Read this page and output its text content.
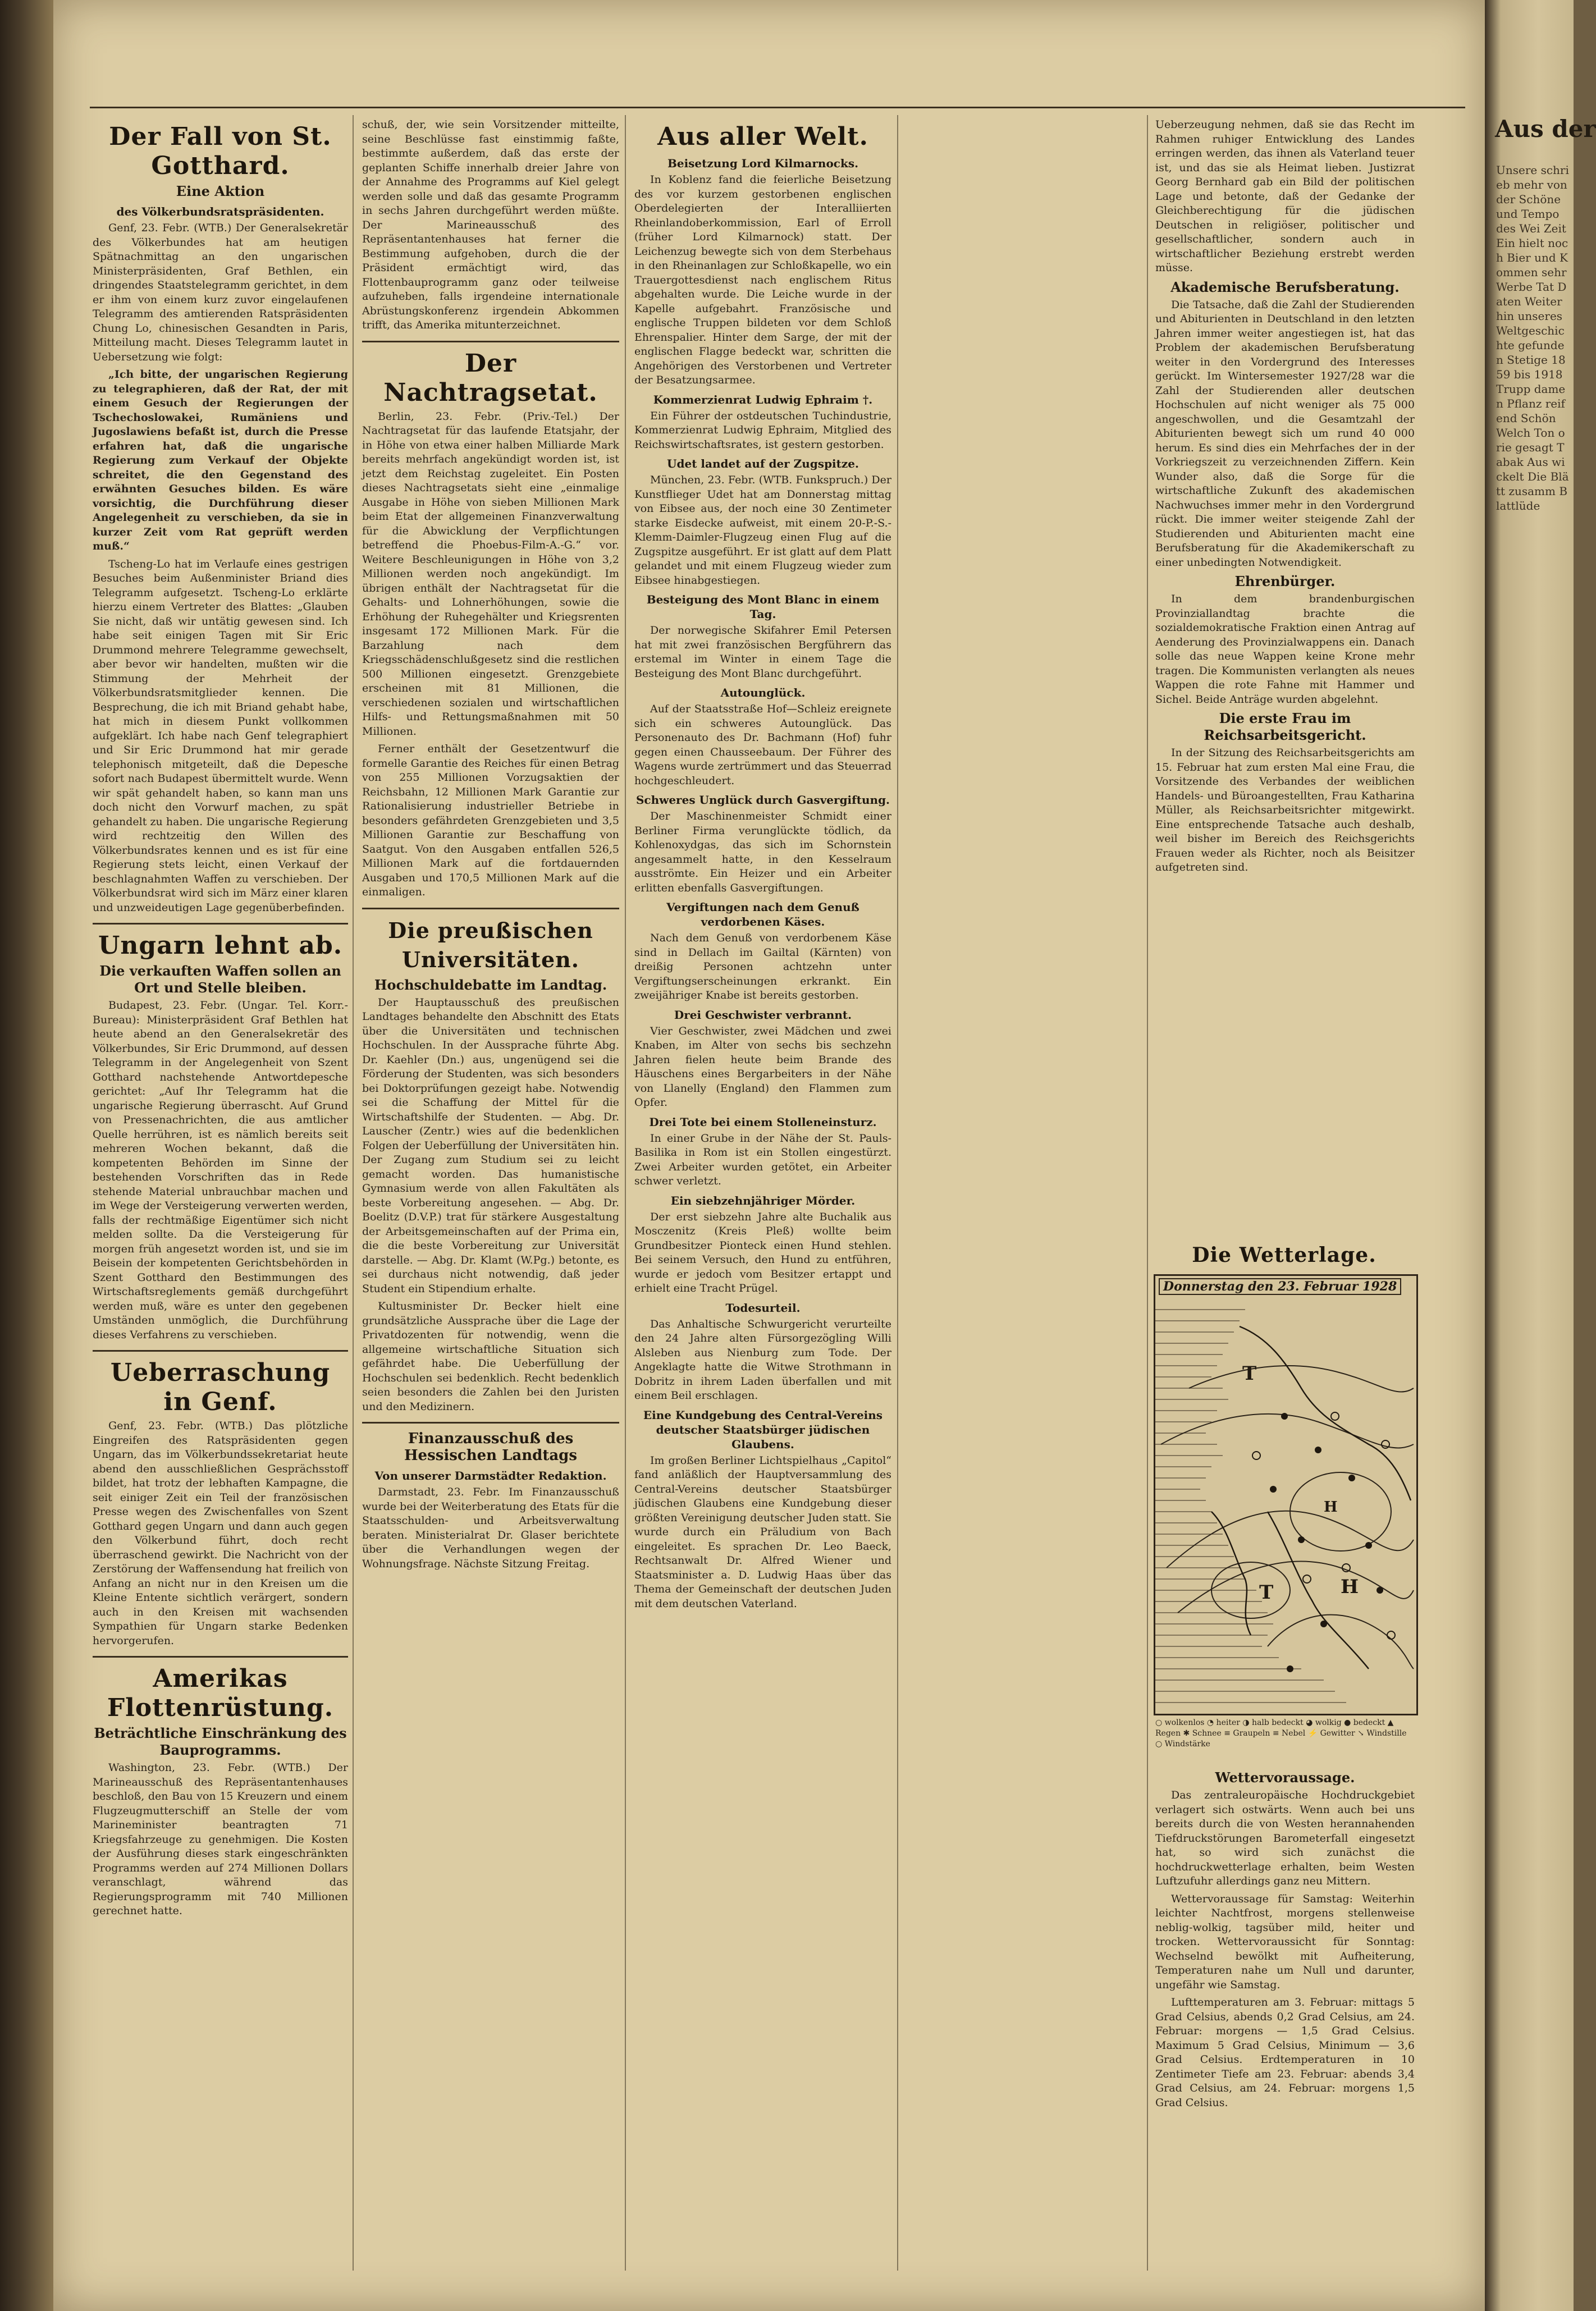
Der Fall von St. Gotthard.
Eine Aktion
des Völkerbundsratspräsidenten.

Genf, 23. Febr. (WTB.) Der Generalsekretär des Völkerbundes hat am heutigen Spätnachmittag an den ungarischen Ministerpräsidenten, Graf Bethlen, ein dringendes Staatstelegramm gerichtet, in dem er ihm von einem kurz zuvor eingelaufenen Telegramm des amtierenden Ratspräsidenten Chung Lo, chinesischen Gesandten in Paris, Mitteilung macht. Dieses Telegramm lautet in Uebersetzung wie folgt:

„Ich bitte, der ungarischen Regierung zu telegraphieren, daß der Rat, der mit einem Gesuch der Regierungen der Tschechoslowakei, Rumäniens und Jugoslawiens befaßt ist, durch die Presse erfahren hat, daß die ungarische Regierung zum Verkauf der Objekte schreitet, die den Gegenstand des erwähnten Gesuches bilden. Es wäre vorsichtig, die Durchführung dieser Angelegenheit zu verschieben, da sie in kurzer Zeit vom Rat geprüft werden muß.“

Tscheng-Lo hat im Verlaufe eines gestrigen Besuches beim Außenminister Briand dies Telegramm aufgesetzt. Tscheng-Lo erklärte hierzu einem Vertreter des Blattes: „Glauben Sie nicht, daß wir untätig gewesen sind. Ich habe seit einigen Tagen mit Sir Eric Drummond mehrere Telegramme gewechselt, aber bevor wir handelten, mußten wir die Stimmung der Mehrheit der Völkerbundsratsmitglieder kennen. Die Besprechung, die ich mit Briand gehabt habe, hat mich in diesem Punkt vollkommen aufgeklärt. Ich habe nach Genf telegraphiert und Sir Eric Drummond hat mir gerade telephonisch mitgeteilt, daß die Depesche sofort nach Budapest übermittelt wurde. Wenn wir spät gehandelt haben, so kann man uns doch nicht den Vorwurf machen, zu spät gehandelt zu haben. Die ungarische Regierung wird rechtzeitig den Willen des Völkerbundsrates kennen und es ist für eine Regierung stets leicht, einen Verkauf der beschlagnahmten Waffen zu verschieben. Der Völkerbundsrat wird sich im März einer klaren und unzweideutigen Lage gegenüberbefinden.

Ungarn lehnt ab.
Die verkauften Waffen sollen an Ort und Stelle bleiben.

Budapest, 23. Febr. (Ungar. Tel. Korr.-Bureau): Ministerpräsident Graf Bethlen hat heute abend an den Generalsekretär des Völkerbundes, Sir Eric Drummond, auf dessen Telegramm in der Angelegenheit von Szent Gotthard nachstehende Antwortdepesche gerichtet: „Auf Ihr Telegramm hat die ungarische Regierung überrascht. Auf Grund von Pressenachrichten, die aus amtlicher Quelle herrühren, ist es nämlich bereits seit mehreren Wochen bekannt, daß die kompetenten Behörden im Sinne der bestehenden Vorschriften das in Rede stehende Material unbrauchbar machen und im Wege der Versteigerung verwerten werden, falls der rechtmäßige Eigentümer sich nicht melden sollte. Da die Versteigerung für morgen früh angesetzt worden ist, und sie im Beisein der kompetenten Gerichtsbehörden in Szent Gotthard den Bestimmungen des Wirtschaftsreglements gemäß durchgeführt werden muß, wäre es unter den gegebenen Umständen unmöglich, die Durchführung dieses Verfahrens zu verschieben.

Ueberraschung in Genf.

Genf, 23. Febr. (WTB.) Das plötzliche Eingreifen des Ratspräsidenten gegen Ungarn, das im Völkerbundssekretariat heute abend den ausschließlichen Gesprächsstoff bildet, hat trotz der lebhaften Kampagne, die seit einiger Zeit ein Teil der französischen Presse wegen des Zwischenfalles von Szent Gotthard gegen Ungarn und dann auch gegen den Völkerbund führt, doch recht überraschend gewirkt. Die Nachricht von der Zerstörung der Waffensendung hat freilich von Anfang an nicht nur in den Kreisen um die Kleine Entente sichtlich verärgert, sondern auch in den Kreisen mit wachsenden Sympathien für Ungarn starke Bedenken hervorgerufen.

Amerikas Flottenrüstung.
Beträchtliche Einschränkung des Bauprogramms.

Washington, 23. Febr. (WTB.) Der Marineausschuß des Repräsentantenhauses beschloß, den Bau von 15 Kreuzern und einem Flugzeugmutterschiff an Stelle der vom Marineminister beantragten 71 Kriegsfahrzeuge zu genehmigen. Die Kosten der Ausführung dieses stark eingeschränkten Programms werden auf 274 Millionen Dollars veranschlagt, während das Regierungsprogramm mit 740 Millionen gerechnet hatte.

schuß, der, wie sein Vorsitzender mitteilte, seine Beschlüsse fast einstimmig faßte, bestimmte außerdem, daß das erste der geplanten Schiffe innerhalb dreier Jahre von der Annahme des Programms auf Kiel gelegt werden solle und daß das gesamte Programm in sechs Jahren durchgeführt werden müßte. Der Marineausschuß des Repräsentantenhauses hat ferner die Bestimmung aufgehoben, durch die der Präsident ermächtigt wird, das Flottenbauprogramm ganz oder teilweise aufzuheben, falls irgendeine internationale Abrüstungskonferenz irgendein Abkommen trifft, das Amerika mitunterzeichnet.

Der Nachtragsetat.

Berlin, 23. Febr. (Priv.-Tel.) Der Nachtragsetat für das laufende Etatsjahr, der in Höhe von etwa einer halben Milliarde Mark bereits mehrfach angekündigt worden ist, ist jetzt dem Reichstag zugeleitet. Ein Posten dieses Nachtragsetats sieht eine „einmalige Ausgabe in Höhe von sieben Millionen Mark beim Etat der allgemeinen Finanzverwaltung für die Abwicklung der Verpflichtungen betreffend die Phoebus-Film-A.-G.“ vor. Weitere Beschleunigungen in Höhe von 3,2 Millionen werden noch angekündigt. Im übrigen enthält der Nachtragsetat für die Gehalts- und Lohnerhöhungen, sowie die Erhöhung der Ruhegehälter und Kriegsrenten insgesamt 172 Millionen Mark. Für die Barzahlung nach dem Kriegsschädenschlußgesetz sind die restlichen 500 Millionen eingesetzt. Grenzgebiete erscheinen mit 81 Millionen, die verschiedenen sozialen und wirtschaftlichen Hilfs- und Rettungsmaßnahmen mit 50 Millionen.

Ferner enthält der Gesetzentwurf die formelle Garantie des Reiches für einen Betrag von 255 Millionen Vorzugsaktien der Reichsbahn, 12 Millionen Mark Garantie zur Rationalisierung industrieller Betriebe in besonders gefährdeten Grenzgebieten und 3,5 Millionen Garantie zur Beschaffung von Saatgut. Von den Ausgaben entfallen 526,5 Millionen Mark auf die fortdauernden Ausgaben und 170,5 Millionen Mark auf die einmaligen.

Die preußischen Universitäten.
Hochschuldebatte im Landtag.

Der Hauptausschuß des preußischen Landtages behandelte den Abschnitt des Etats über die Universitäten und technischen Hochschulen. In der Aussprache führte Abg. Dr. Kaehler (Dn.) aus, ungenügend sei die Förderung der Studenten, was sich besonders bei Doktorprüfungen gezeigt habe. Notwendig sei die Schaffung der Mittel für die Wirtschaftshilfe der Studenten. — Abg. Dr. Lauscher (Zentr.) wies auf die bedenklichen Folgen der Ueberfüllung der Universitäten hin. Der Zugang zum Studium sei zu leicht gemacht worden. Das humanistische Gymnasium werde von allen Fakultäten als beste Vorbereitung angesehen. — Abg. Dr. Boelitz (D.V.P.) trat für stärkere Ausgestaltung der Arbeitsgemeinschaften auf der Prima ein, die die beste Vorbereitung zur Universität darstelle. — Abg. Dr. Klamt (W.Pg.) betonte, es sei durchaus nicht notwendig, daß jeder Student ein Stipendium erhalte.

Kultusminister Dr. Becker hielt eine grundsätzliche Aussprache über die Lage der Privatdozenten für notwendig, wenn die allgemeine wirtschaftliche Situation sich gefährdet habe. Die Ueberfüllung der Hochschulen sei bedenklich. Recht bedenklich seien besonders die Zahlen bei den Juristen und den Medizinern.

Finanzausschuß des Hessischen Landtags
Von unserer Darmstädter Redaktion.

Darmstadt, 23. Febr. Im Finanzausschuß wurde bei der Weiterberatung des Etats für die Staatsschulden- und Arbeitsverwaltung beraten. Ministerialrat Dr. Glaser berichtete über die Verhandlungen wegen der Wohnungsfrage. Nächste Sitzung Freitag.

Aus aller Welt.
Beisetzung Lord Kilmarnocks.

In Koblenz fand die feierliche Beisetzung des vor kurzem gestorbenen englischen Oberdelegierten der Interalliierten Rheinlandoberkommission, Earl of Erroll (früher Lord Kilmarnock) statt. Der Leichenzug bewegte sich von dem Sterbehaus in den Rheinanlagen zur Schloßkapelle, wo ein Trauergottesdienst nach englischem Ritus abgehalten wurde. Die Leiche wurde in der Kapelle aufgebahrt. Französische und englische Truppen bildeten vor dem Schloß Ehrenspalier. Hinter dem Sarge, der mit der englischen Flagge bedeckt war, schritten die Angehörigen des Verstorbenen und Vertreter der Besatzungsarmee.

Kommerzienrat Ludwig Ephraim †.

Ein Führer der ostdeutschen Tuchindustrie, Kommerzienrat Ludwig Ephraim, Mitglied des Reichswirtschaftsrates, ist gestern gestorben.

Udet landet auf der Zugspitze.

München, 23. Febr. (WTB. Funkspruch.) Der Kunstflieger Udet hat am Donnerstag mittag von Eibsee aus, der noch eine 30 Zentimeter starke Eisdecke aufweist, mit einem 20-P.-S.-Klemm-Daimler-Flugzeug einen Flug auf die Zugspitze ausgeführt. Er ist glatt auf dem Platt gelandet und mit einem Flugzeug wieder zum Eibsee hinabgestiegen.

Besteigung des Mont Blanc in einem Tag.

Der norwegische Skifahrer Emil Petersen hat mit zwei französischen Bergführern das erstemal im Winter in einem Tage die Besteigung des Mont Blanc durchgeführt.

Autounglück.

Auf der Staatsstraße Hof—Schleiz ereignete sich ein schweres Autounglück. Das Personenauto des Dr. Bachmann (Hof) fuhr gegen einen Chausseebaum. Der Führer des Wagens wurde zertrümmert und das Steuerrad hochgeschleudert.

Schweres Unglück durch Gasvergiftung.

Der Maschinenmeister Schmidt einer Berliner Firma verunglückte tödlich, da Kohlenoxydgas, das sich im Schornstein angesammelt hatte, in den Kesselraum ausströmte. Ein Heizer und ein Arbeiter erlitten ebenfalls Gasvergiftungen.

Vergiftungen nach dem Genuß verdorbenen Käses.

Nach dem Genuß von verdorbenem Käse sind in Dellach im Gailtal (Kärnten) von dreißig Personen achtzehn unter Vergiftungserscheinungen erkrankt. Ein zweijähriger Knabe ist bereits gestorben.

Drei Geschwister verbrannt.

Vier Geschwister, zwei Mädchen und zwei Knaben, im Alter von sechs bis sechzehn Jahren fielen heute beim Brande des Häuschens eines Bergarbeiters in der Nähe von Llanelly (England) den Flammen zum Opfer.

Drei Tote bei einem Stolleneinsturz.

In einer Grube in der Nähe der St. Pauls-Basilika in Rom ist ein Stollen eingestürzt. Zwei Arbeiter wurden getötet, ein Arbeiter schwer verletzt.

Ein siebzehnjähriger Mörder.

Der erst siebzehn Jahre alte Buchalik aus Mosczenitz (Kreis Pleß) wollte beim Grundbesitzer Pionteck einen Hund stehlen. Bei seinem Versuch, den Hund zu entführen, wurde er jedoch vom Besitzer ertappt und erhielt eine Tracht Prügel.

Todesurteil.

Das Anhaltische Schwurgericht verurteilte den 24 Jahre alten Fürsorgezögling Willi Alsleben aus Nienburg zum Tode. Der Angeklagte hatte die Witwe Strothmann in Dobritz in ihrem Laden überfallen und mit einem Beil erschlagen.

Eine Kundgebung des Central-Vereins deutscher Staatsbürger jüdischen Glaubens.

Im großen Berliner Lichtspielhaus „Capitol“ fand anläßlich der Hauptversammlung des Central-Vereins deutscher Staatsbürger jüdischen Glaubens eine Kundgebung dieser größten Vereinigung deutscher Juden statt. Sie wurde durch ein Präludium von Bach eingeleitet. Es sprachen Dr. Leo Baeck, Rechtsanwalt Dr. Alfred Wiener und Staatsminister a. D. Ludwig Haas über das Thema der Gemeinschaft der deutschen Juden mit dem deutschen Vaterland.

Ueberzeugung nehmen, daß sie das Recht im Rahmen ruhiger Entwicklung des Landes erringen werden, das ihnen als Vaterland teuer ist, und das sie als Heimat lieben. Justizrat Georg Bernhard gab ein Bild der politischen Lage und betonte, daß der Gedanke der Gleichberechtigung für die jüdischen Deutschen in religiöser, politischer und gesellschaftlicher, sondern auch in wirtschaftlicher Beziehung erstrebt werden müsse.

Akademische Berufsberatung.

Die Tatsache, daß die Zahl der Studierenden und Abiturienten in Deutschland in den letzten Jahren immer weiter angestiegen ist, hat das Problem der akademischen Berufsberatung weiter in den Vordergrund des Interesses gerückt. Im Wintersemester 1927/28 war die Zahl der Studierenden aller deutschen Hochschulen auf nicht weniger als 75 000 angeschwollen, und die Gesamtzahl der Abiturienten bewegt sich um rund 40 000 herum. Es sind dies ein Mehrfaches der in der Vorkriegszeit zu verzeichnenden Ziffern. Kein Wunder also, daß die Sorge für die wirtschaftliche Zukunft des akademischen Nachwuchses immer mehr in den Vordergrund rückt. Die immer weiter steigende Zahl der Studierenden und Abiturienten macht eine Berufsberatung für die Akademikerschaft zu einer unbedingten Notwendigkeit.

Ehrenbürger.

In dem brandenburgischen Provinziallandtag brachte die sozialdemokratische Fraktion einen Antrag auf Aenderung des Provinzialwappens ein. Danach solle das neue Wappen keine Krone mehr tragen. Die Kommunisten verlangten als neues Wappen die rote Fahne mit Hammer und Sichel. Beide Anträge wurden abgelehnt.

Die erste Frau im Reichsarbeitsgericht.

In der Sitzung des Reichsarbeitsgerichts am 15. Februar hat zum ersten Mal eine Frau, die Vorsitzende des Verbandes der weiblichen Handels- und Büroangestellten, Frau Katharina Müller, als Reichsarbeitsrichter mitgewirkt. Eine entsprechende Tatsache auch deshalb, weil bisher im Bereich des Reichsgerichts Frauen weder als Richter, noch als Beisitzer aufgetreten sind.

Die Wetterlage.
T
T	H
H
Donnerstag den 23. Februar 1928
○ wolkenlos ◔ heiter ◑ halb bedeckt ◕ wolkig ● bedeckt ▲ Regen ✱ Schnee ≡ Graupeln ≡ Nebel ⚡ Gewitter ↘ Windstille ○ Windstärke
Wettervoraussage.

Das zentraleuropäische Hochdruckgebiet verlagert sich ostwärts. Wenn auch bei uns bereits durch die von Westen herannahenden Tiefdruckstörungen Barometerfall eingesetzt hat, so wird sich zunächst die hochdruckwetterlage erhalten, beim Westen Luftzufuhr allerdings ganz neu Mittern.

Wettervoraussage für Samstag: Weiterhin leichter Nachtfrost, morgens stellenweise neblig-wolkig, tagsüber mild, heiter und trocken. Wettervoraussicht für Sonntag: Wechselnd bewölkt mit Aufheiterung, Temperaturen nahe um Null und darunter, ungefähr wie Samstag.

Lufttemperaturen am 3. Februar: mittags 5 Grad Celsius, abends 0,2 Grad Celsius, am 24. Februar: morgens — 1,5 Grad Celsius. Maximum 5 Grad Celsius, Minimum — 3,6 Grad Celsius. Erdtemperaturen in 10 Zentimeter Tiefe am 23. Februar: abends 3,4 Grad Celsius, am 24. Februar: morgens 1,5 Grad Celsius.

Aus der
Unsere schrieb mehr von der Schöne und Tempo des Wei Zeit Ein hielt noch Bier und Kommen sehr Werbe Tat Daten Weiterhin unseres Weltgeschichte gefunden Stetige 1859 bis 1918 Trupp damen Pflanz reifend Schön Welch Ton orie gesagt Tabak Aus wickelt Die Blätt zusamm Blattlüde
